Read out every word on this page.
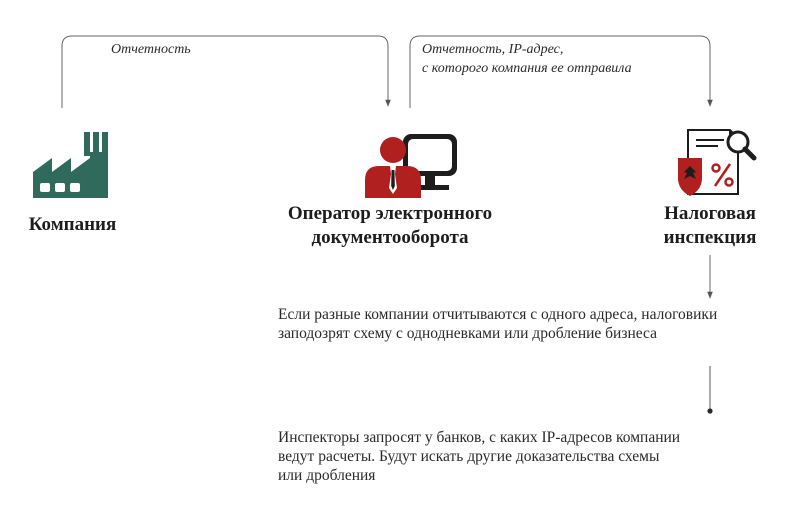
Отчетность	Отчетность, IP-адрес,
с которого компания ее отправила
Компания
Оператор электронного
документооборота
Налоговая
инспекция
Если разные компании отчитываются с одного адреса, налоговики
заподозрят схему с однодневками или дробление бизнеса
Инспекторы запросят у банков, с каких IP-адресов компании
ведут расчеты. Будут искать другие доказательства схемы
или дробления
